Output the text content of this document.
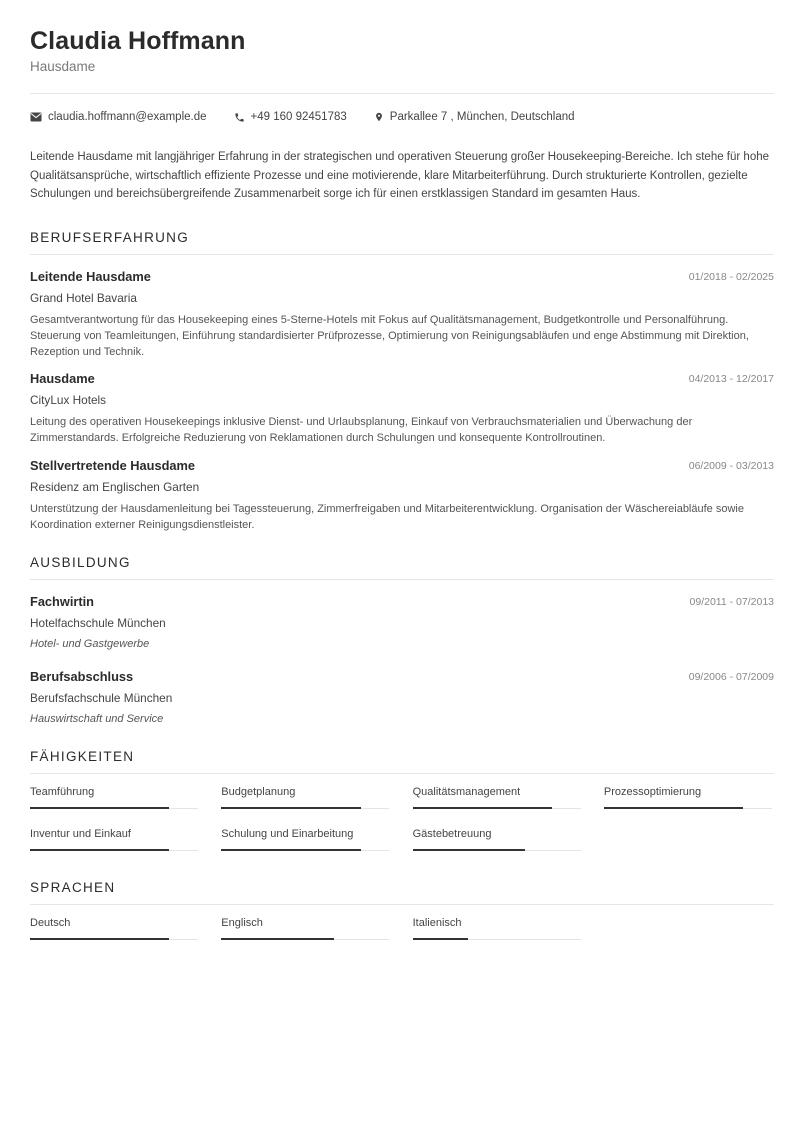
Claudia Hoffmann
Hausdame
claudia.hoffmann@example.de	+49 160 92451783	Parkallee 7 , München, Deutschland
Leitende Hausdame mit langjähriger Erfahrung in der strategischen und operativen Steuerung großer Housekeeping-Bereiche. Ich stehe für hohe Qualitätsansprüche, wirtschaftlich effiziente Prozesse und eine motivierende, klare Mitarbeiterführung. Durch strukturierte Kontrollen, gezielte Schulungen und bereichsübergreifende Zusammenarbeit sorge ich für einen erstklassigen Standard im gesamten Haus.
BERUFSERFAHRUNG
Leitende Hausdame	01/2018 - 02/2025
Grand Hotel Bavaria
Gesamtverantwortung für das Housekeeping eines 5-Sterne-Hotels mit Fokus auf Qualitätsmanagement, Budgetkontrolle und Personalführung. Steuerung von Teamleitungen, Einführung standardisierter Prüfprozesse, Optimierung von Reinigungsabläufen und enge Abstimmung mit Direktion, Rezeption und Technik.
Hausdame	04/2013 - 12/2017
CityLux Hotels
Leitung des operativen Housekeepings inklusive Dienst- und Urlaubsplanung, Einkauf von Verbrauchsmaterialien und Überwachung der Zimmerstandards. Erfolgreiche Reduzierung von Reklamationen durch Schulungen und konsequente Kontrollroutinen.
Stellvertretende Hausdame	06/2009 - 03/2013
Residenz am Englischen Garten
Unterstützung der Hausdamenleitung bei Tagessteuerung, Zimmerfreigaben und Mitarbeiterentwicklung. Organisation der Wäschereiabläufe sowie Koordination externer Reinigungsdienstleister.
AUSBILDUNG
Fachwirtin	09/2011 - 07/2013
Hotelfachschule München
Hotel- und Gastgewerbe
Berufsabschluss	09/2006 - 07/2009
Berufsfachschule München
Hauswirtschaft und Service
FÄHIGKEITEN
Teamführung	Budgetplanung	Qualitätsmanagement	Prozessoptimierung
Inventur und Einkauf	Schulung und Einarbeitung	Gästebetreuung
SPRACHEN
Deutsch	Englisch	Italienisch
